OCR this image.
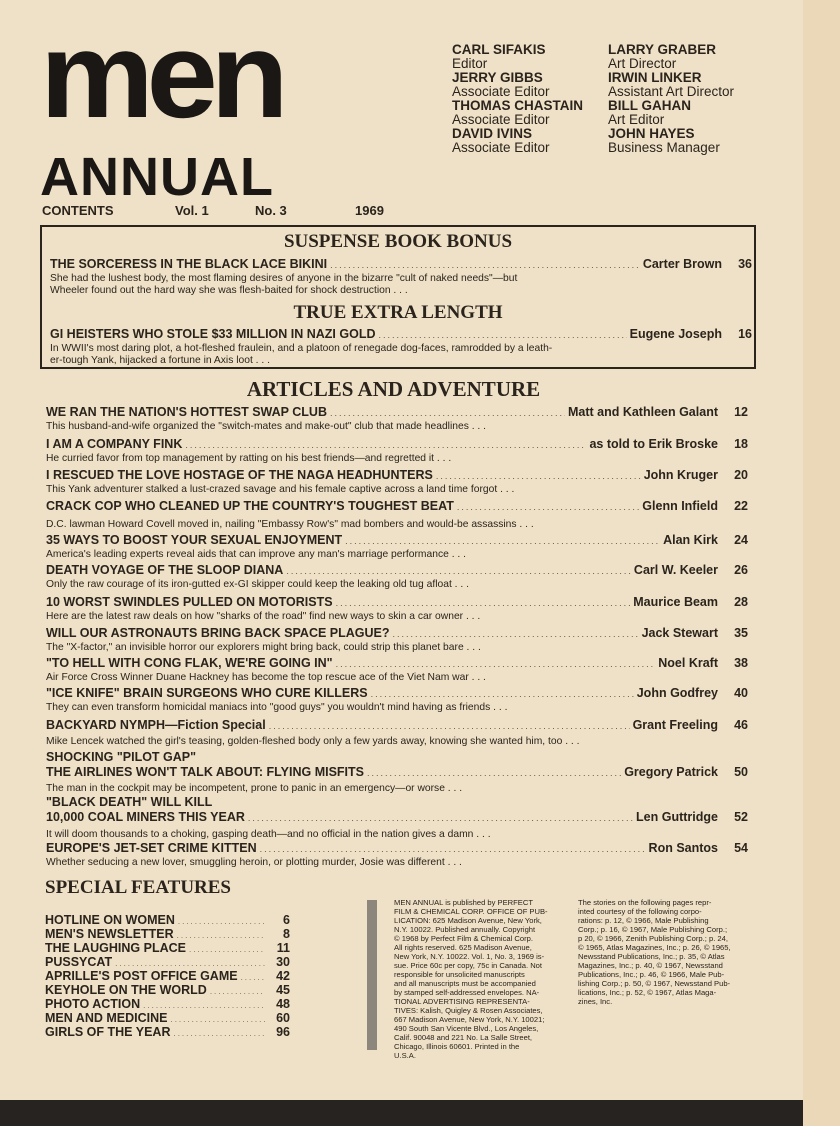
men
ANNUAL
CONTENTS	Vol. 1	No. 3	1969
CARL SIFAKIS
Editor
JERRY GIBBS
Associate Editor
THOMAS CHASTAIN
Associate Editor
DAVID IVINS
Associate Editor
LARRY GRABER
Art Director
IRWIN LINKER
Assistant Art Director
BILL GAHAN
Art Editor
JOHN HAYES
Business Manager
SUSPENSE BOOK BONUS
THE SORCERESS IN THE BLACK LACE BIKINI .....	Carter Brown	36
She had the lushest body, the most flaming desires of anyone in the bizarre "cult of naked needs"—but
Wheeler found out the hard way she was flesh-baited for shock destruction . . .
TRUE EXTRA LENGTH
GI HEISTERS WHO STOLE $33 MILLION IN NAZI GOLD .....	Eugene Joseph	16
In WWII's most daring plot, a hot-fleshed fraulein, and a platoon of renegade dog-faces, ramrodded by a leath-
er-tough Yank, hijacked a fortune in Axis loot . . .
ARTICLES AND ADVENTURE
WE RAN THE NATION'S HOTTEST SWAP CLUB .....	Matt and Kathleen Galant	12
This husband-and-wife organized the "switch-mates and make-out" club that made headlines . . .
I AM A COMPANY FINK .....	as told to Erik Broske	18
He curried favor from top management by ratting on his best friends—and regretted it . . .
I RESCUED THE LOVE HOSTAGE OF THE NAGA HEADHUNTERS .....	John Kruger	20
This Yank adventurer stalked a lust-crazed savage and his female captive across a land time forgot . . .
CRACK COP WHO CLEANED UP THE COUNTRY'S TOUGHEST BEAT .....	Glenn Infield	22
D.C. lawman Howard Covell moved in, nailing "Embassy Row's" mad bombers and would-be assassins . . .
35 WAYS TO BOOST YOUR SEXUAL ENJOYMENT .....	Alan Kirk	24
America's leading experts reveal aids that can improve any man's marriage performance . . .
DEATH VOYAGE OF THE SLOOP DIANA .....	Carl W. Keeler	26
Only the raw courage of its iron-gutted ex-GI skipper could keep the leaking old tug afloat . . .
10 WORST SWINDLES PULLED ON MOTORISTS .....	Maurice Beam	28
Here are the latest raw deals on how "sharks of the road" find new ways to skin a car owner . . .
WILL OUR ASTRONAUTS BRING BACK SPACE PLAGUE? .....	Jack Stewart	35
The "X-factor," an invisible horror our explorers might bring back, could strip this planet bare . . .
"TO HELL WITH CONG FLAK, WE'RE GOING IN" .....	Noel Kraft	38
Air Force Cross Winner Duane Hackney has become the top rescue ace of the Viet Nam war . . .
"ICE KNIFE" BRAIN SURGEONS WHO CURE KILLERS .....	John Godfrey	40
They can even transform homicidal maniacs into "good guys" you wouldn't mind having as friends . . .
BACKYARD NYMPH—Fiction Special .....	Grant Freeling	46
Mike Lencek watched the girl's teasing, golden-fleshed body only a few yards away, knowing she wanted him, too . . .
SHOCKING "PILOT GAP"
THE AIRLINES WON'T TALK ABOUT: FLYING MISFITS .....	Gregory Patrick	50
The man in the cockpit may be incompetent, prone to panic in an emergency—or worse . . .
"BLACK DEATH" WILL KILL
10,000 COAL MINERS THIS YEAR .....	Len Guttridge	52
It will doom thousands to a choking, gasping death—and no official in the nation gives a damn . . .
EUROPE'S JET-SET CRIME KITTEN .....	Ron Santos	54
Whether seducing a new lover, smuggling heroin, or plotting murder, Josie was different . . .
SPECIAL FEATURES
HOTLINE ON WOMEN .....	6
MEN'S NEWSLETTER .....	8
THE LAUGHING PLACE .....	11
PUSSYCAT .....	30
APRILLE'S POST OFFICE GAME .....	42
KEYHOLE ON THE WORLD .....	45
PHOTO ACTION .....	48
MEN AND MEDICINE .....	60
GIRLS OF THE YEAR .....	96
MEN ANNUAL is published by PERFECT
FILM & CHEMICAL CORP. OFFICE OF PUB-
LICATION: 625 Madison Avenue, New York,
N.Y. 10022. Published annually. Copyright
© 1968 by Perfect Film & Chemical Corp.
All rights reserved. 625 Madison Avenue,
New York, N.Y. 10022. Vol. 1, No. 3, 1969 is-
sue. Price 60c per copy, 75c in Canada. Not
responsible for unsolicited manuscripts
and all manuscripts must be accompanied
by stamped self-addressed envelopes. NA-
TIONAL ADVERTISING REPRESENTA-
TIVES: Kalish, Quigley & Rosen Associates,
667 Madison Avenue, New York, N.Y. 10021;
490 South San Vicente Blvd., Los Angeles,
Calif. 90048 and 221 No. La Salle Street,
Chicago, Illinois 60601. Printed in the
U.S.A.
The stories on the following pages repr-
inted courtesy of the following corpo-
rations: p. 12, © 1966, Male Publishing
Corp.; p. 16, © 1967, Male Publishing Corp.;
p 20, © 1966, Zenith Publishing Corp.; p. 24,
© 1965, Atlas Magazines, Inc.; p. 26, © 1965,
Newsstand Publications, Inc.; p. 35, © Atlas
Magazines, Inc.; p. 40, © 1967, Newsstand
Publications, Inc.; p. 46, © 1966, Male Pub-
lishing Corp.; p. 50, © 1967, Newsstand Pub-
lications, Inc.; p. 52, © 1967, Atlas Maga-
zines, Inc.
